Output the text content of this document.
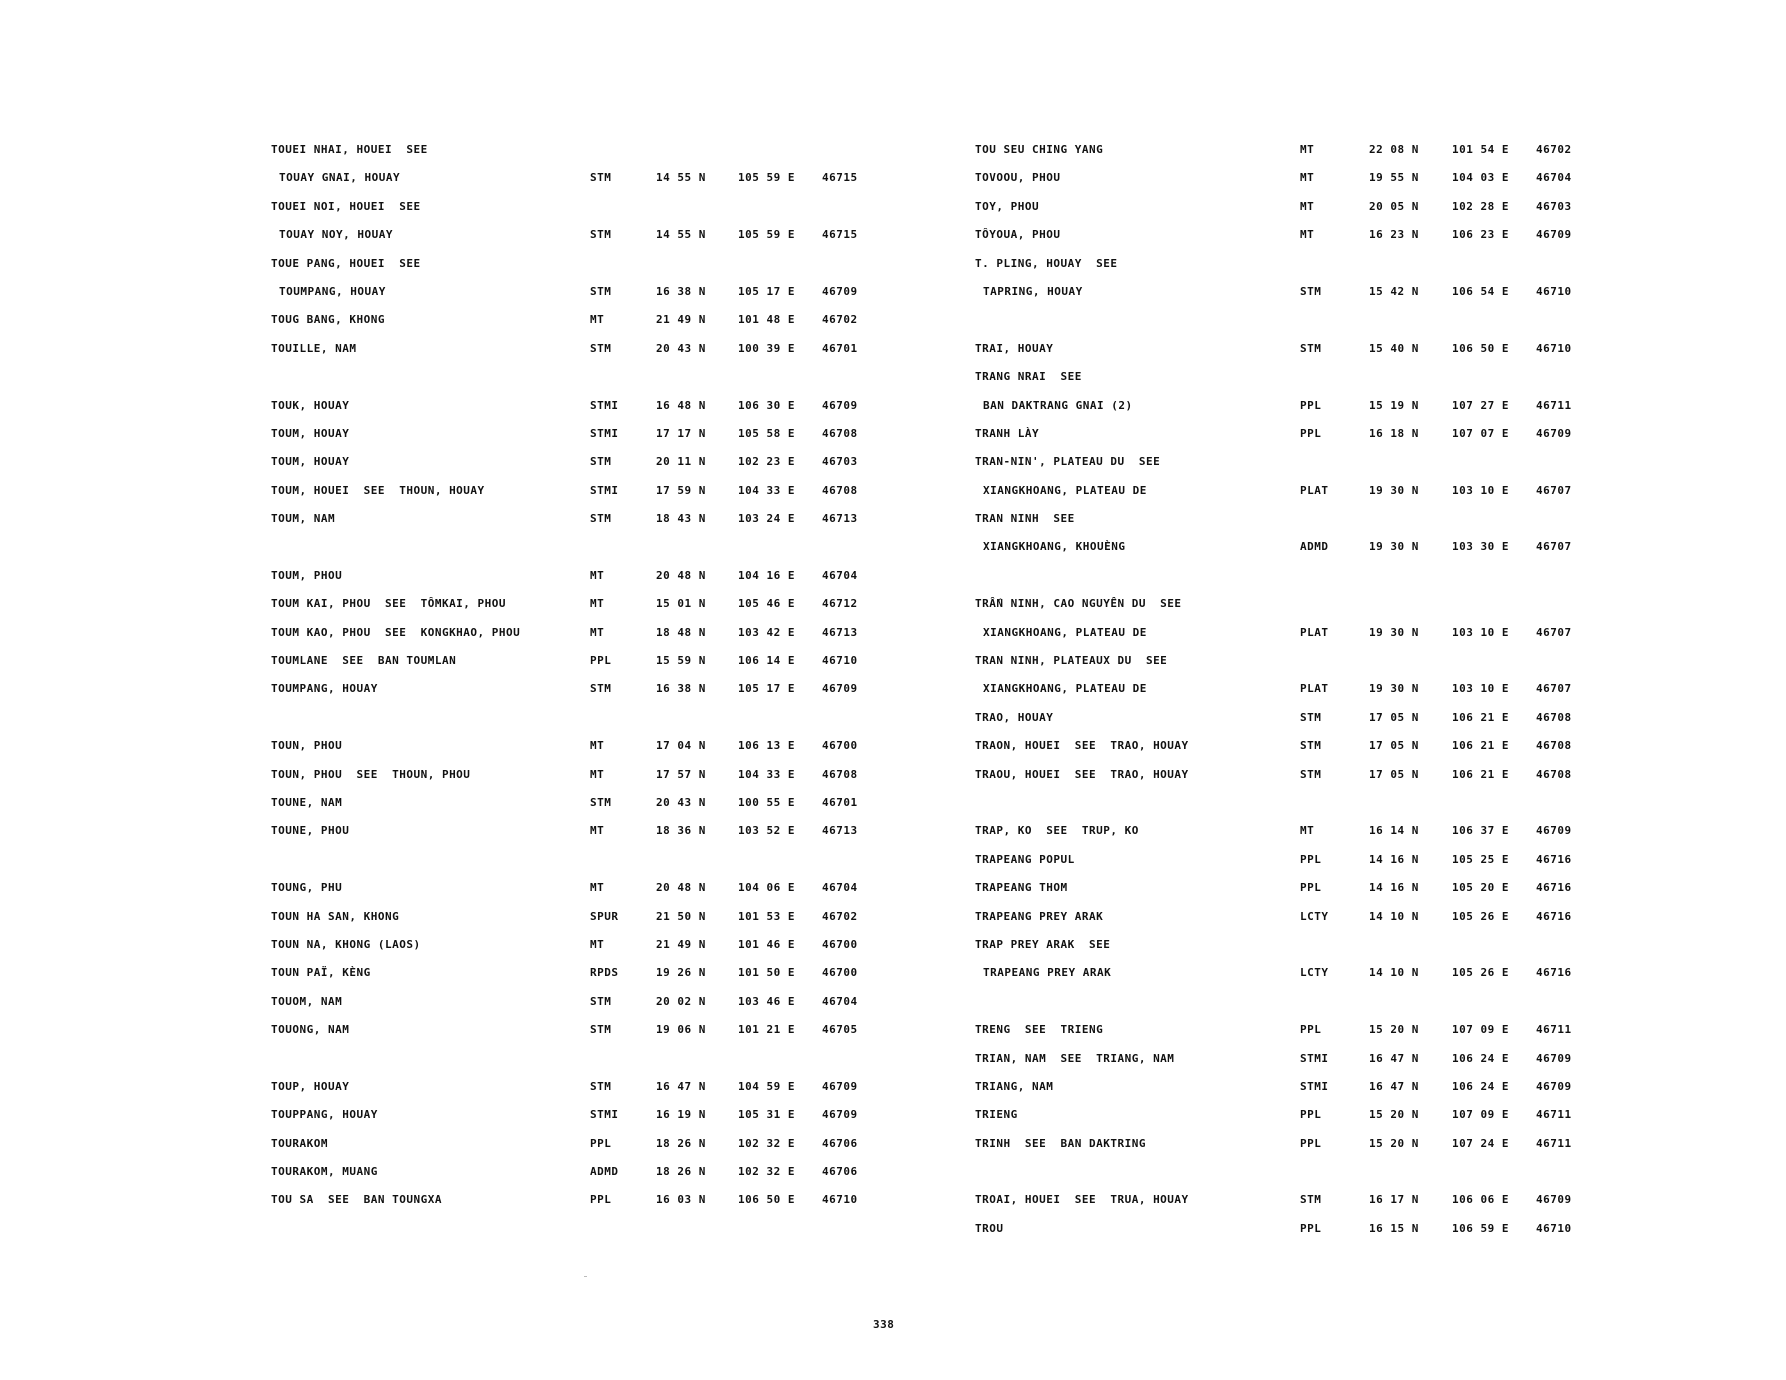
TOUEI NHAI, HOUEI  SEE
TOUAY GNAI, HOUAY	STM	14 55 N	105 59 E 46715
TOUEI NOI, HOUEI  SEE
TOUAY NOY, HOUAY	STM	14 55 N	105 59 E 46715
TOUE PANG, HOUEI  SEE
TOUMPANG, HOUAY	STM	16 38 N	105 17 E 46709
TOUG BANG, KHONG	MT	21 49 N	101 48 E 46702
TOUILLE, NAM	STM	20 43 N	100 39 E 46701
TOUK, HOUAY	STMI	16 48 N	106 30 E 46709
TOUM, HOUAY	STMI	17 17 N	105 58 E 46708
TOUM, HOUAY	STM	20 11 N	102 23 E 46703
TOUM, HOUEI  SEE  THOUN, HOUAY	STMI	17 59 N	104 33 E 46708
TOUM, NAM	STM	18 43 N	103 24 E 46713
TOUM, PHOU	MT	20 48 N	104 16 E 46704
TOUM KAI, PHOU  SEE  TÔMKAI, PHOU	MT	15 01 N	105 46 E 46712
TOUM KAO, PHOU  SEE  KONGKHAO, PHOU	MT	18 48 N	103 42 E 46713
TOUMLANE  SEE  BAN TOUMLAN	PPL	15 59 N	106 14 E 46710
TOUMPANG, HOUAY	STM	16 38 N	105 17 E 46709
TOUN, PHOU	MT	17 04 N	106 13 E 46700
TOUN, PHOU  SEE  THOUN, PHOU	MT	17 57 N	104 33 E 46708
TOUNE, NAM	STM	20 43 N	100 55 E 46701
TOUNE, PHOU	MT	18 36 N	103 52 E 46713
TOUNG, PHU	MT	20 48 N	104 06 E 46704
TOUN HA SAN, KHONG	SPUR	21 50 N	101 53 E 46702
TOUN NA, KHONG (LAOS)	MT	21 49 N	101 46 E 46700
TOUN PAÏ, KÈNG	RPDS	19 26 N	101 50 E 46700
TOUOM, NAM	STM	20 02 N	103 46 E 46704
TOUONG, NAM	STM	19 06 N	101 21 E 46705
TOUP, HOUAY	STM	16 47 N	104 59 E 46709
TOUPPANG, HOUAY	STMI	16 19 N	105 31 E 46709
TOURAKOM	PPL	18 26 N	102 32 E 46706
TOURAKOM, MUANG	ADMD	18 26 N	102 32 E 46706
TOU SA  SEE  BAN TOUNGXA	PPL	16 03 N	106 50 E 46710
TOU SEU CHING YANG	MT	22 08 N	101 54 E 46702
TOVOOU, PHOU	MT	19 55 N	104 03 E 46704
TOY, PHOU	MT	20 05 N	102 28 E 46703
TÔYOUA, PHOU	MT	16 23 N	106 23 E 46709
T. PLING, HOUAY  SEE
TAPRING, HOUAY	STM	15 42 N	106 54 E 46710
TRAI, HOUAY	STM	15 40 N	106 50 E 46710
TRANG NRAI  SEE
BAN DAKTRANG GNAI (2)	PPL	15 19 N	107 27 E 46711
TRANH LÀY	PPL	16 18 N	107 07 E 46709
TRAN-NIN', PLATEAU DU  SEE
XIANGKHOANG, PLATEAU DE	PLAT	19 30 N	103 10 E 46707
TRAN NINH  SEE
XIANGKHOANG, KHOUÈNG	ADMD	19 30 N	103 30 E 46707
TRẤN NINH, CAO NGUYÊN DU  SEE
XIANGKHOANG, PLATEAU DE	PLAT	19 30 N	103 10 E 46707
TRAN NINH, PLATEAUX DU  SEE
XIANGKHOANG, PLATEAU DE	PLAT	19 30 N	103 10 E 46707
TRAO, HOUAY	STM	17 05 N	106 21 E 46708
TRAON, HOUEI  SEE  TRAO, HOUAY	STM	17 05 N	106 21 E 46708
TRAOU, HOUEI  SEE  TRAO, HOUAY	STM	17 05 N	106 21 E 46708
TRAP, KO  SEE  TRUP, KO	MT	16 14 N	106 37 E 46709
TRAPEANG POPUL	PPL	14 16 N	105 25 E 46716
TRAPEANG THOM	PPL	14 16 N	105 20 E 46716
TRAPEANG PREY ARAK	LCTY	14 10 N	105 26 E 46716
TRAP PREY ARAK  SEE
TRAPEANG PREY ARAK	LCTY	14 10 N	105 26 E 46716
TRENG  SEE  TRIENG	PPL	15 20 N	107 09 E 46711
TRIAN, NAM  SEE  TRIANG, NAM	STMI	16 47 N	106 24 E 46709
TRIANG, NAM	STMI	16 47 N	106 24 E 46709
TRIENG	PPL	15 20 N	107 09 E 46711
TRINH  SEE  BAN DAKTRING	PPL	15 20 N	107 24 E 46711
TROAI, HOUEI  SEE  TRUA, HOUAY	STM	16 17 N	106 06 E 46709
TROU	PPL	16 15 N	106 59 E 46710
338
